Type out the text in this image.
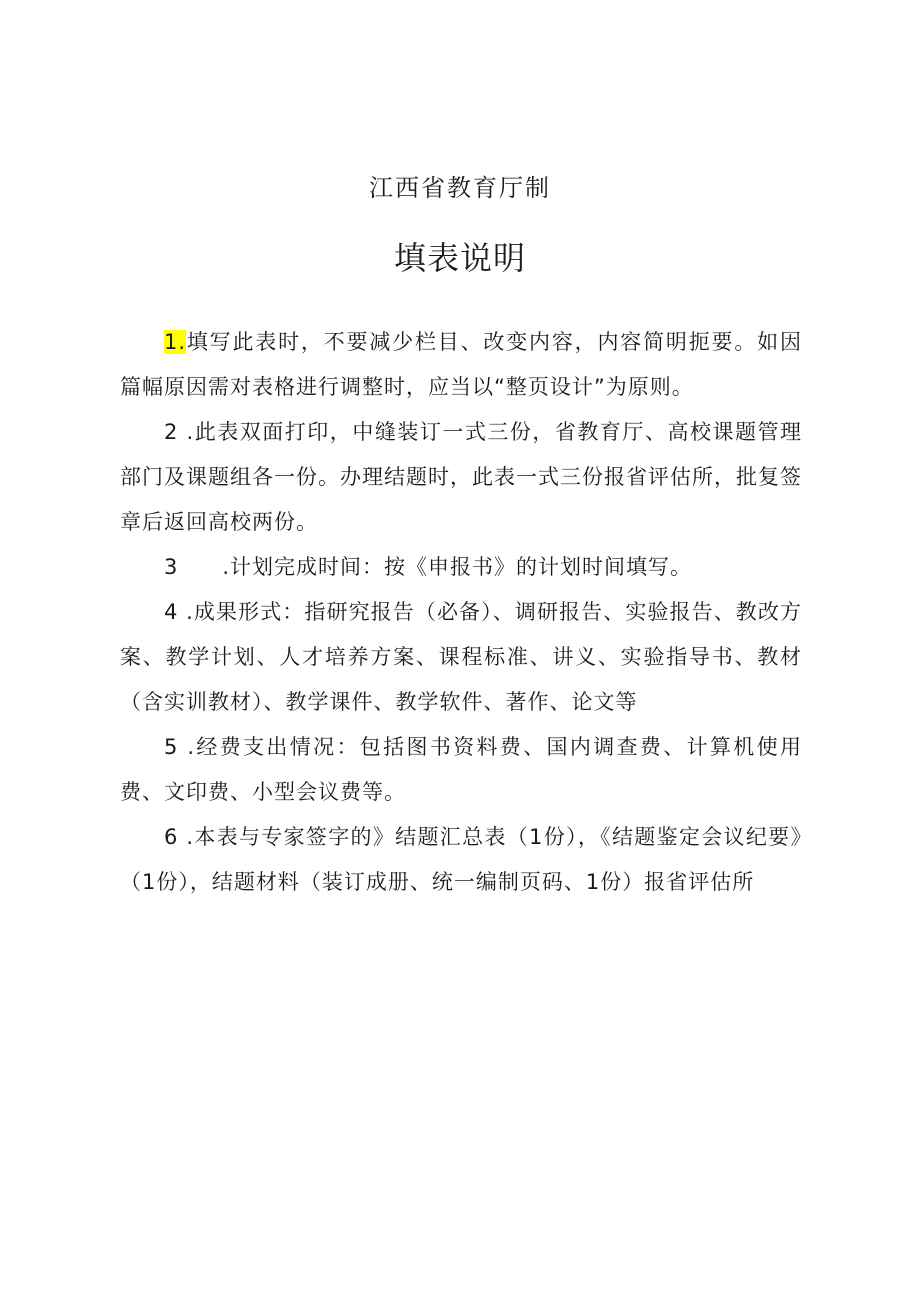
江西省教育厅制
填表说明

1.填写此表时，不要减少栏目、改变内容，内容简明扼要。如因篇幅原因需对表格进行调整时，应当以“整页设计”为原则。

2 .此表双面打印，中缝装订一式三份，省教育厅、高校课题管理部门及课题组各一份。办理结题时，此表一式三份报省评估所，批复签章后返回高校两份。

3　　.计划完成时间：按《申报书》的计划时间填写。

4 .成果形式：指研究报告（必备）、调研报告、实验报告、教改方案、教学计划、人才培养方案、课程标准、讲义、实验指导书、教材（含实训教材）、教学课件、教学软件、著作、论文等

5 .经费支出情况：包括图书资料费、国内调查费、计算机使用费、文印费、小型会议费等。

6 .本表与专家签字的》结题汇总表（1份），《结题鉴定会议纪要》（1份），结题材料（装订成册、统一编制页码、1份）报省评估所
